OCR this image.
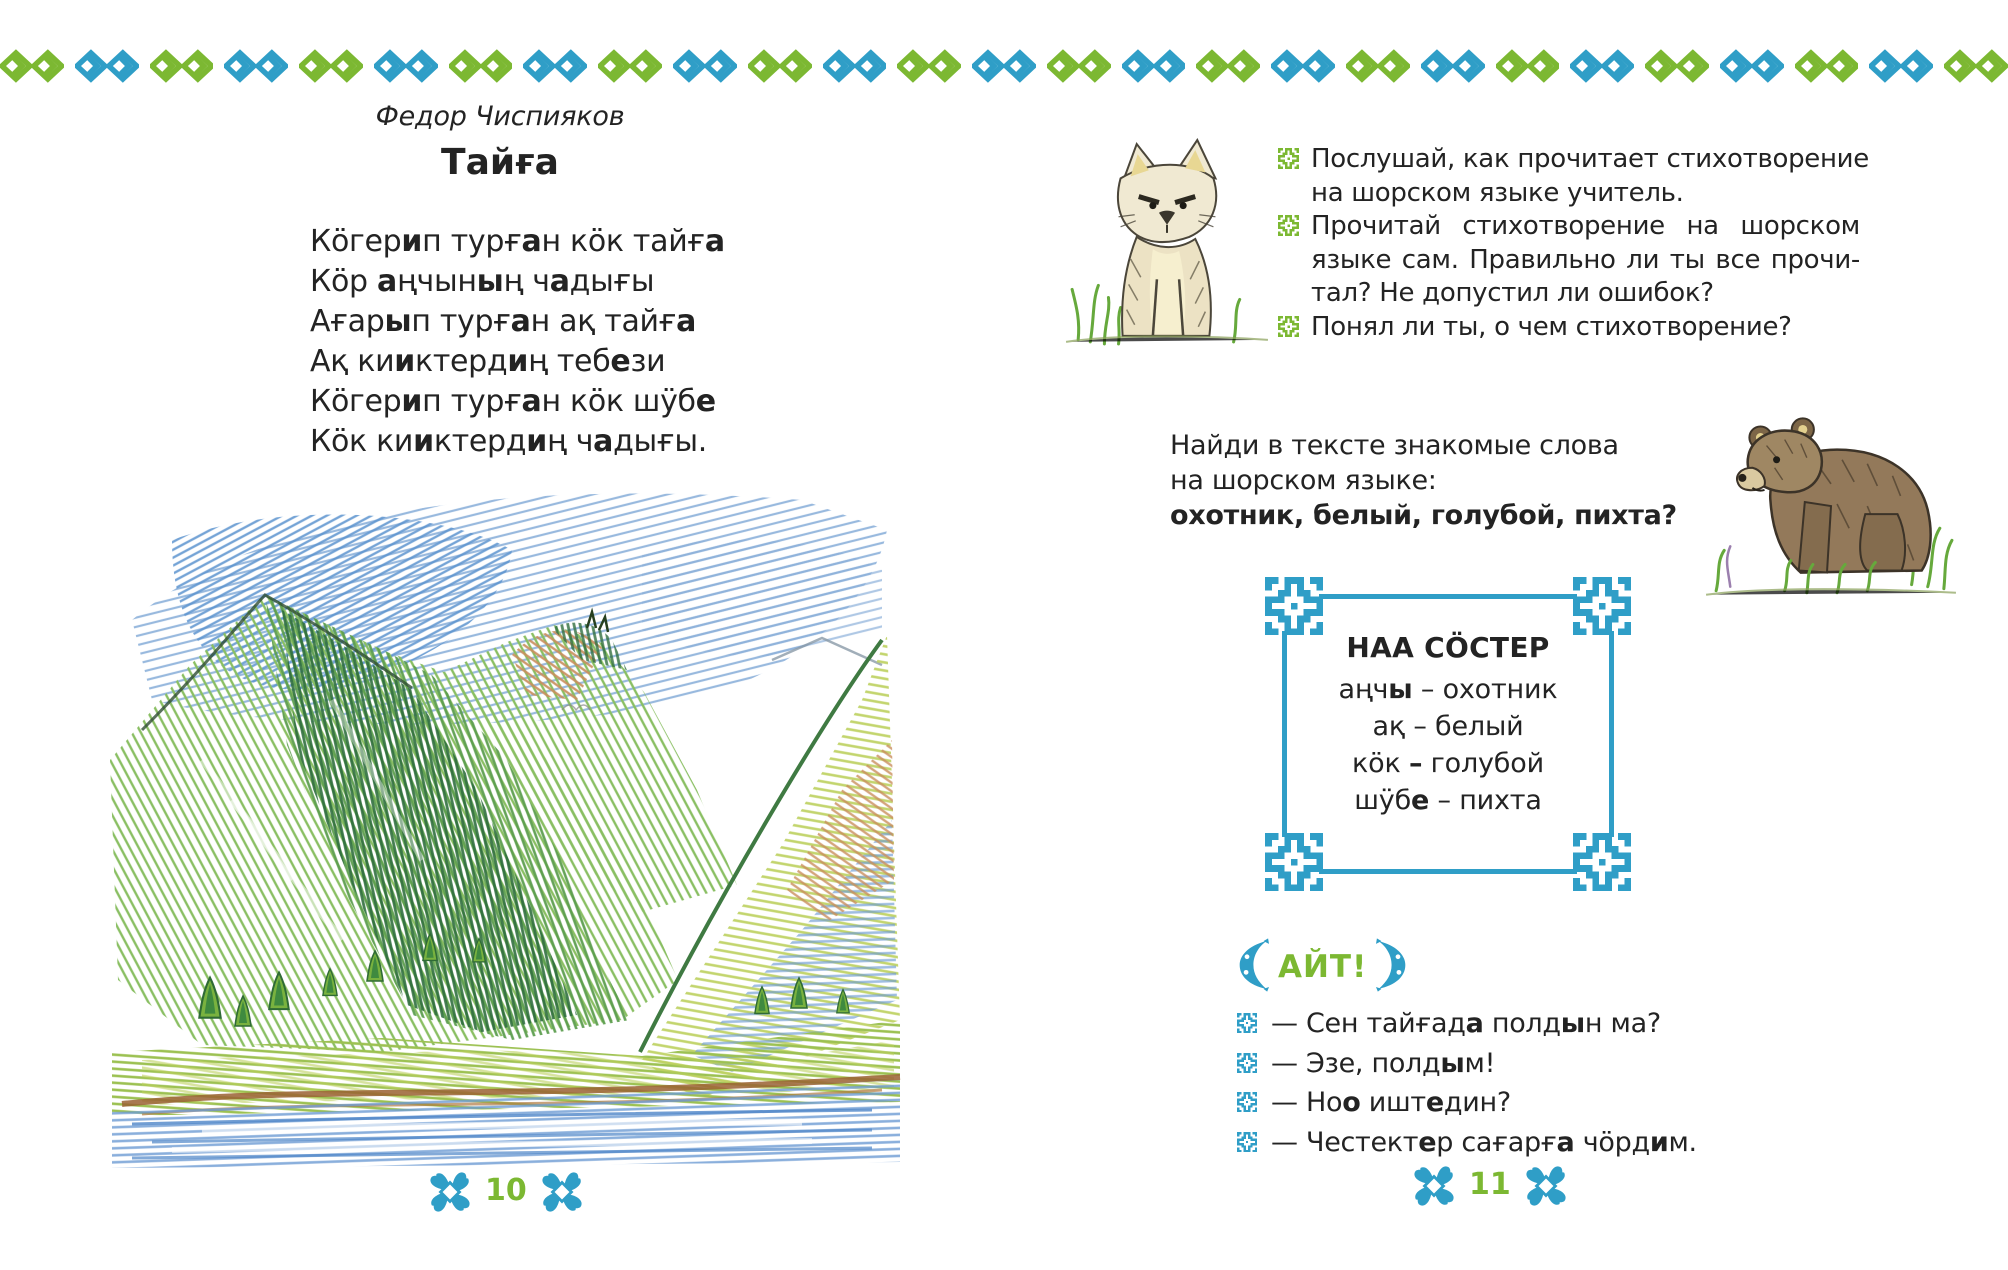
Федор Чиспияков
Тайға
Кӧгерип турған кӧк тайға
Кӧр аңчының чадығы
Ағарып турған ақ тайға
Ақ кииктердиң тебези
Кӧгерип турған кӧк шӱбе
Кӧк кииктердиң чадығы.
10
Послушай, как прочитает стихотворение
на шорском языке учитель.
Прочитай стихотворение на шорском
языке сам. Правильно ли ты все прочи-
тал? Не допустил ли ошибок?
Понял ли ты, о чем стихотворение?
Найди в тексте знакомые слова
на шорском языке:
охотник, белый, голубой, пихта?
НАА СӦСТЕР
аңчы – охотник
ақ – белый
кӧк – голубой
шӱбе – пихта
АЙТ!
— Сен тайғада полдын ма?
— Эзе, полдым!
— Ноо иштедин?
— Честектер сағарға чӧрдим.
11
